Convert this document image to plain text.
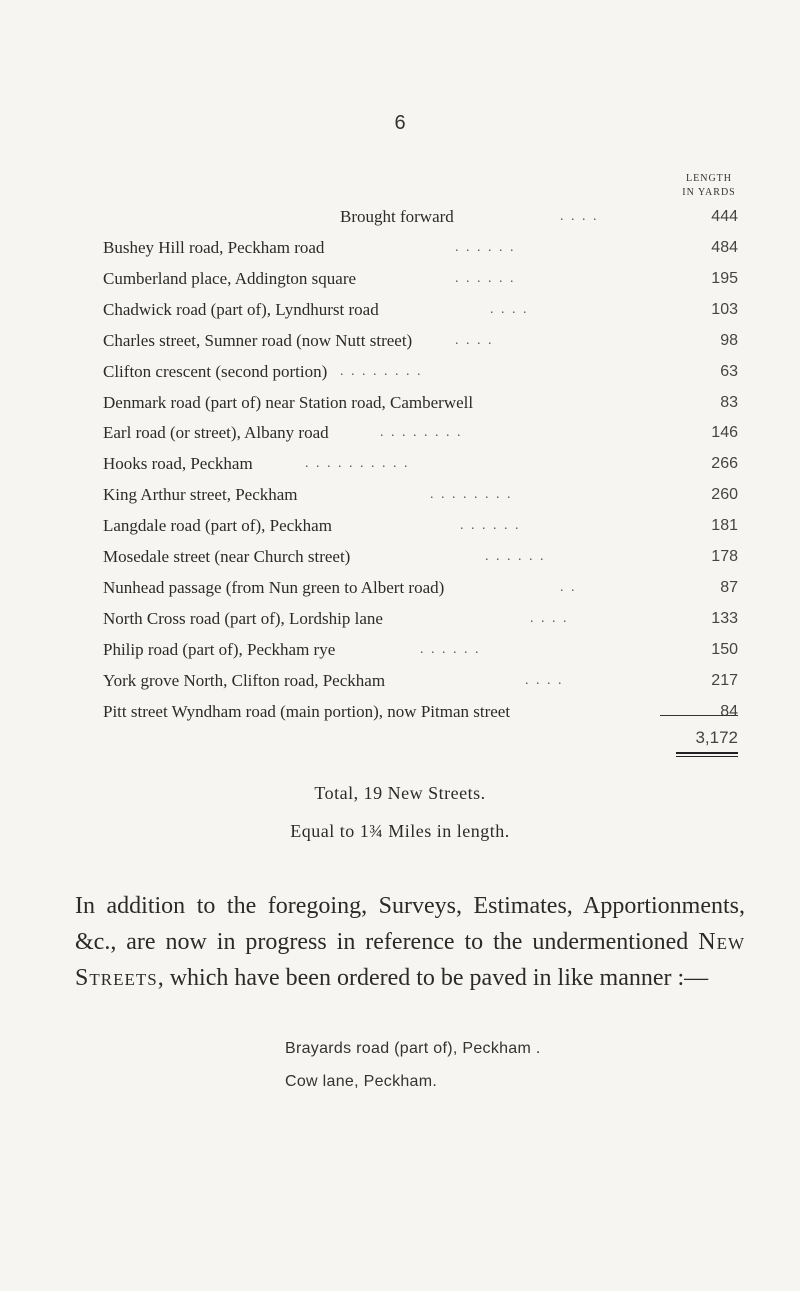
6
LENGTH
IN YARDS
Brought forward	. . . .	444
Bushey Hill road, Peckham road	. . . . . .	484
Cumberland place, Addington square	. . . . . .	195
Chadwick road (part of), Lyndhurst road	. . . .	103
Charles street, Sumner road (now Nutt street)	. . . .	98
Clifton crescent (second portion) . . . . . . . .	63
Denmark road (part of) near Station road, Camberwell	83
Earl road (or street), Albany road	. . . . . . . .	146
Hooks road, Peckham	. . . . . . . . . .	266
King Arthur street, Peckham	. . . . . . . .	260
Langdale road (part of), Peckham	. . . . . .	181
Mosedale street (near Church street)	. . . . . .	178
Nunhead passage (from Nun green to Albert road)	. .	87
North Cross road (part of), Lordship lane	. . . .	133
Philip road (part of), Peckham rye	. . . . . .	150
York grove North, Clifton road, Peckham	. . . .	217
Pitt street Wyndham road (main portion), now Pitman street	84
3,172
Total, 19 New Streets.
Equal to 1¾ Miles in length.
In addition to the foregoing, Surveys, Estimates, Apportionments, &c., are now in progress in reference to the undermentioned New Streets, which have been ordered to be paved in like manner :—
Brayards road (part of), Peckham .
Cow lane, Peckham.
